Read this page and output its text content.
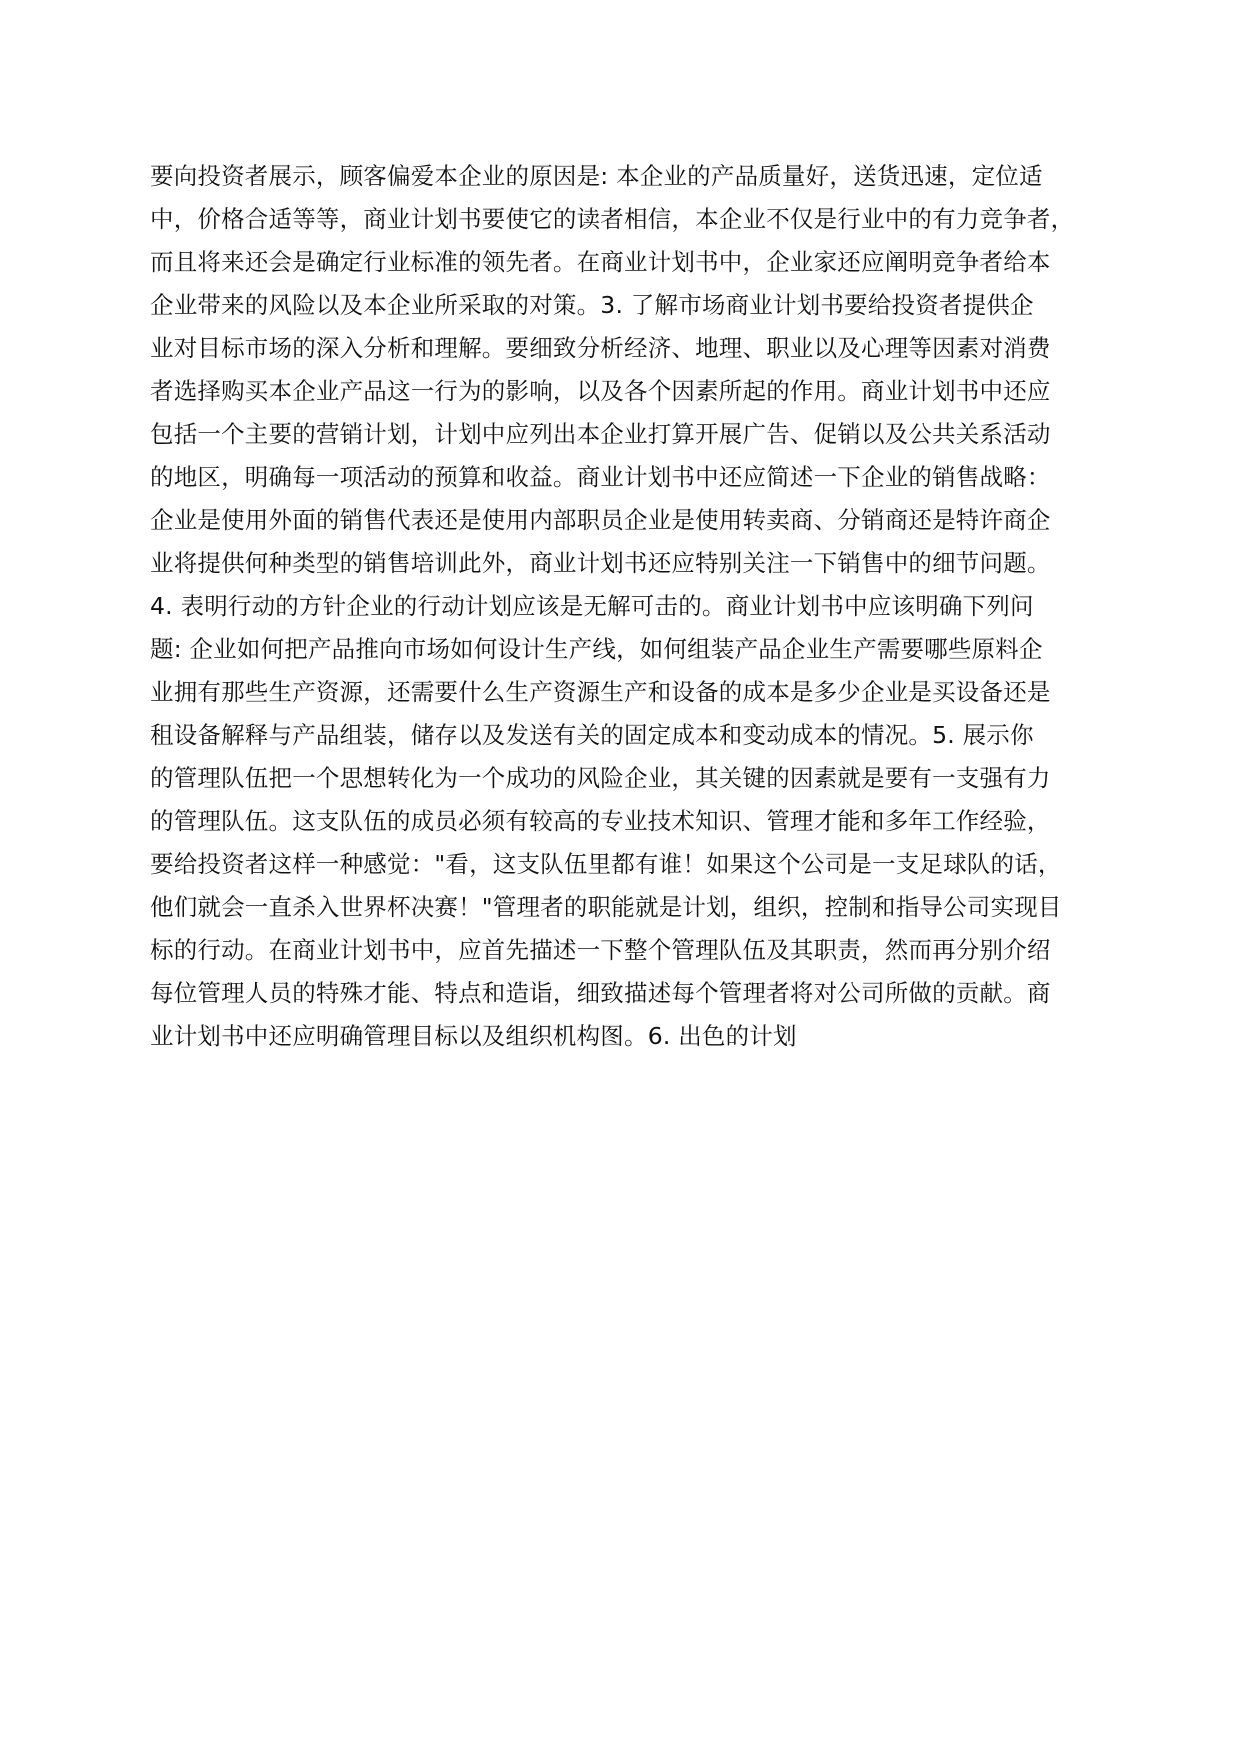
要向投资者展示，顾客偏爱本企业的原因是: 本企业的产品质量好，送货迅速，定位适
中，价格合适等等，商业计划书要使它的读者相信，本企业不仅是行业中的有力竞争者，
而且将来还会是确定行业标准的领先者。在商业计划书中，企业家还应阐明竞争者给本
企业带来的风险以及本企业所采取的对策。3. 了解市场商业计划书要给投资者提供企
业对目标市场的深入分析和理解。要细致分析经济、地理、职业以及心理等因素对消费
者选择购买本企业产品这一行为的影响，以及各个因素所起的作用。商业计划书中还应
包括一个主要的营销计划，计划中应列出本企业打算开展广告、促销以及公共关系活动
的地区，明确每一项活动的预算和收益。商业计划书中还应简述一下企业的销售战略：
企业是使用外面的销售代表还是使用内部职员企业是使用转卖商、分销商还是特许商企
业将提供何种类型的销售培训此外，商业计划书还应特别关注一下销售中的细节问题。
4. 表明行动的方针企业的行动计划应该是无解可击的。商业计划书中应该明确下列问
题: 企业如何把产品推向市场如何设计生产线，如何组装产品企业生产需要哪些原料企
业拥有那些生产资源，还需要什么生产资源生产和设备的成本是多少企业是买设备还是
租设备解释与产品组装，储存以及发送有关的固定成本和变动成本的情况。5. 展示你
的管理队伍把一个思想转化为一个成功的风险企业，其关键的因素就是要有一支强有力
的管理队伍。这支队伍的成员必须有较高的专业技术知识、管理才能和多年工作经验，
要给投资者这样一种感觉："看，这支队伍里都有谁！如果这个公司是一支足球队的话，
他们就会一直杀入世界杯决赛！"管理者的职能就是计划，组织，控制和指导公司实现目
标的行动。在商业计划书中，应首先描述一下整个管理队伍及其职责，然而再分别介绍
每位管理人员的特殊才能、特点和造诣，细致描述每个管理者将对公司所做的贡献。商
业计划书中还应明确管理目标以及组织机构图。6. 出色的计划
